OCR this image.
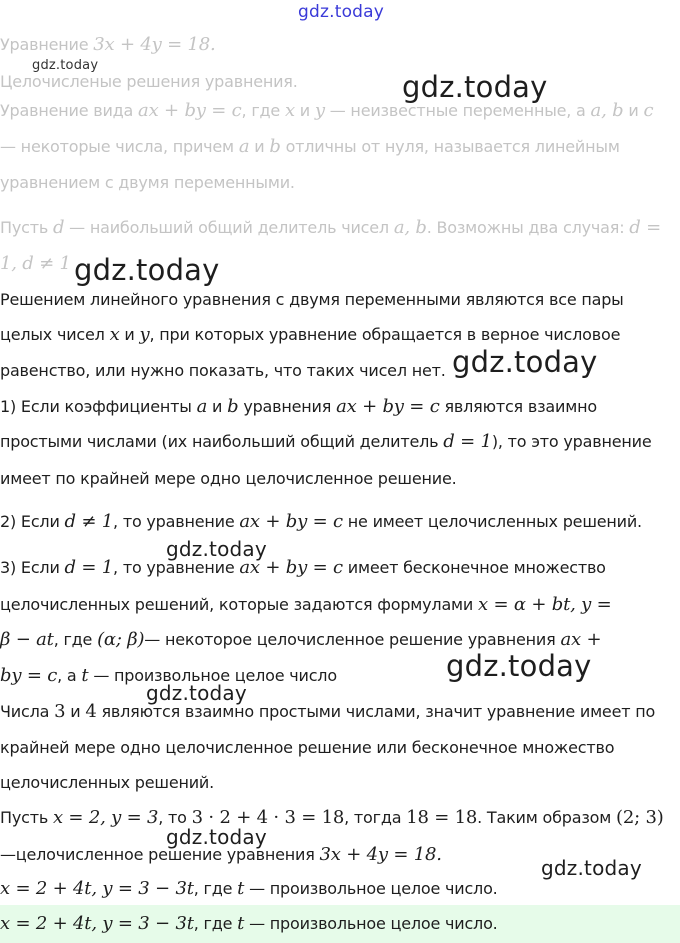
gdz.today
gdz.today
gdz.today
gdz.today
gdz.today
gdz.today
gdz.today
gdz.today
gdz.today
gdz.today
Уравнение 3x + 4y = 18.
Целочисленые решения уравнения.
Уравнение вида ax + by = c, где x и y — неизвестные переменные, а a, b и c
— некоторые числа, причем a и b отличны от нуля, называется линейным
уравнением с двумя переменными.
Пусть d — наибольший общий делитель чисел a, b. Возможны два случая: d =
1, d ≠ 1
Решением линейного уравнения с двумя переменными являются все пары
целых чисел x и y, при которых уравнение обращается в верное числовое
равенство, или нужно показать, что таких чисел нет.
1) Если коэффициенты a и b уравнения ax + by = c являются взаимно
простыми числами (их наибольший общий делитель d = 1), то это уравнение
имеет по крайней мере одно целочисленное решение.
2) Если d ≠ 1, то уравнение ax + by = c не имеет целочисленных решений.
3) Если d = 1, то уравнение ax + by = c имеет бесконечное множество
целочисленных решений, которые задаются формулами x = α + bt, y =
β − at, где (α; β)— некоторое целочисленное решение уравнения ax +
by = c, а t — произвольное целое число
Числа 3 и 4 являются взаимно простыми числами, значит уравнение имеет по
крайней мере одно целочисленное решение или бесконечное множество
целочисленных решений.
Пусть x = 2, y = 3, то 3 · 2 + 4 · 3 = 18, тогда 18 = 18. Таким образом (2; 3)
—целочисленное решение уравнения 3x + 4y = 18.
x = 2 + 4t, y = 3 − 3t, где t — произвольное целое число.
x = 2 + 4t, y = 3 − 3t, где t — произвольное целое число.
